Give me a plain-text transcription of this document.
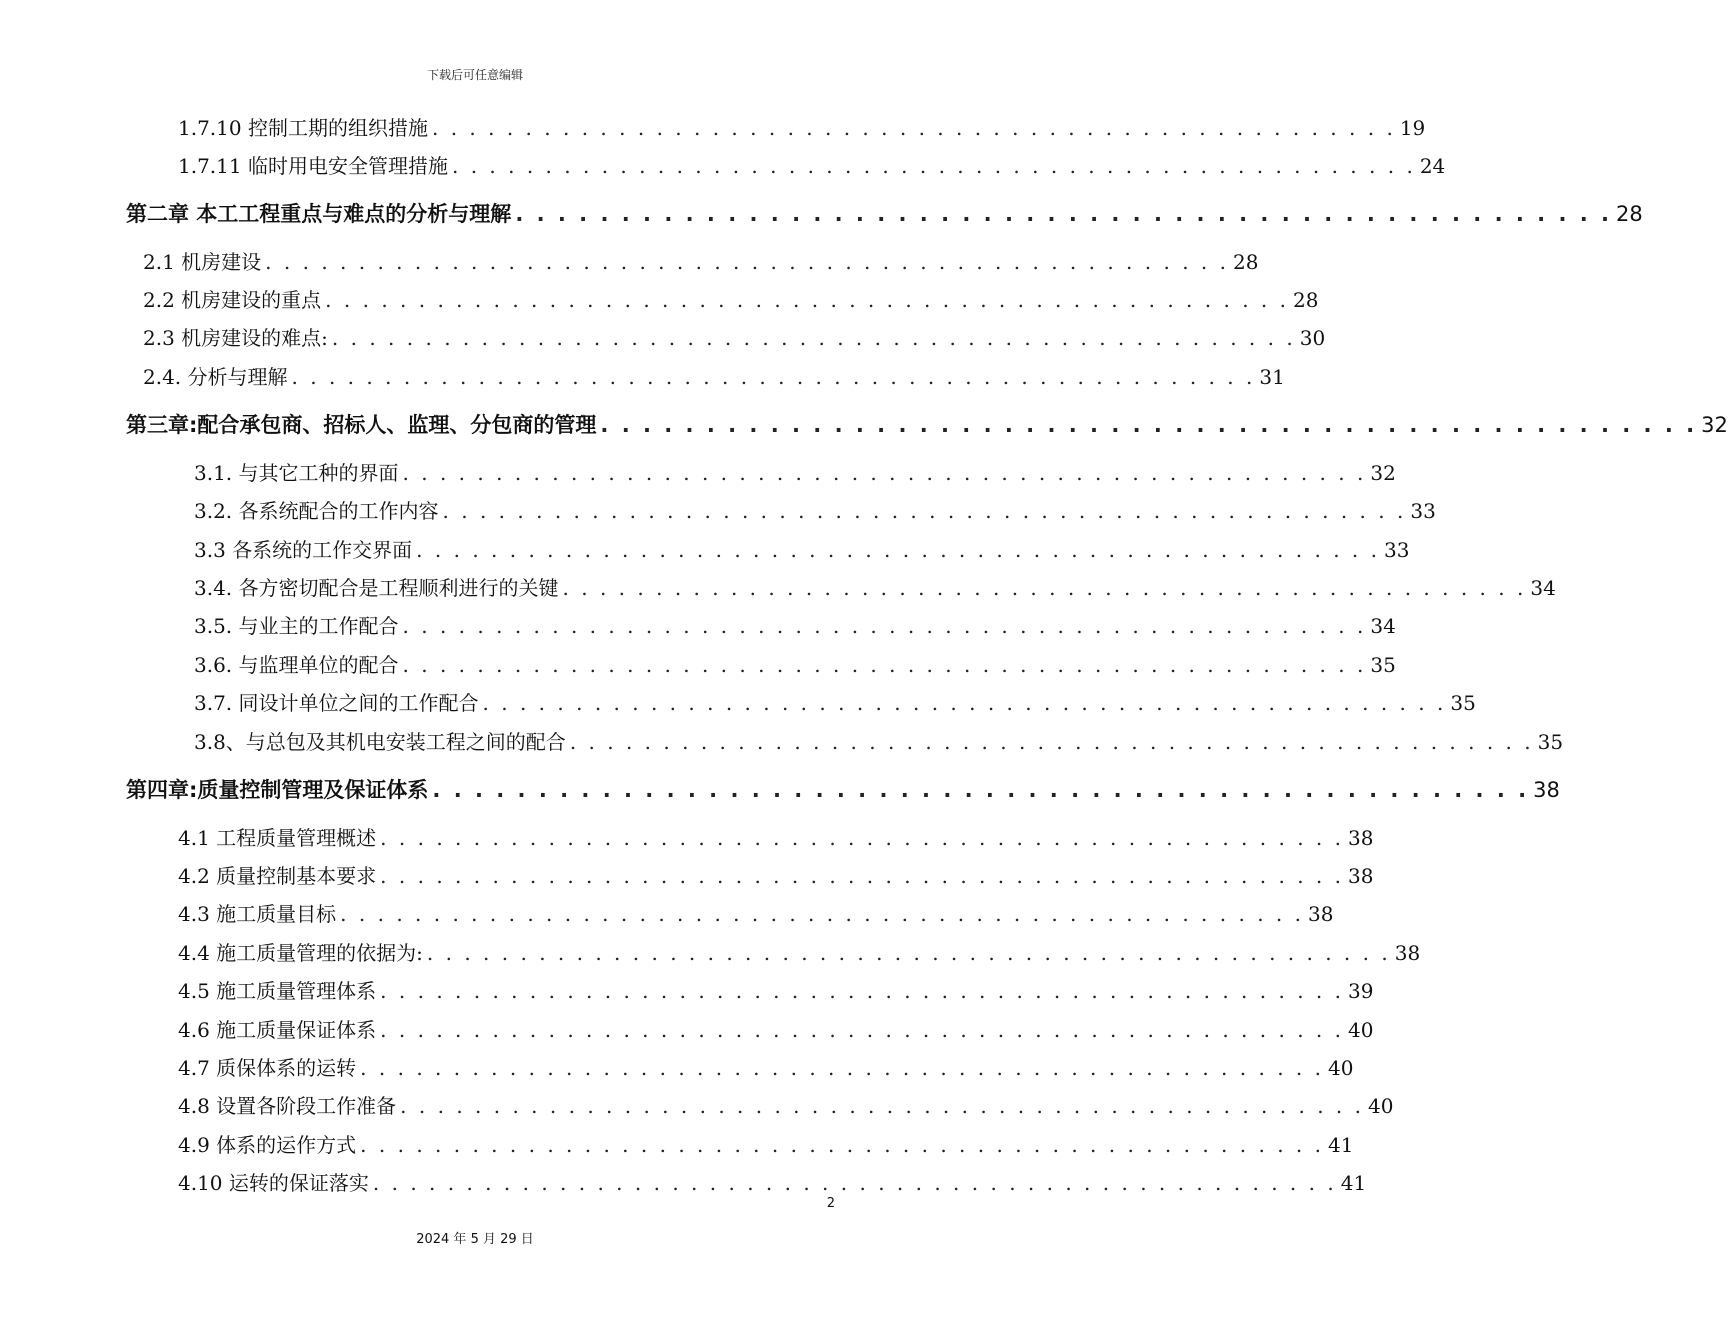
下载后可任意编辑
1.7.10 控制工期的组织措施 . . . . . . . . . . . . . . . . . . . . . . . . . . . . . . . . . . . . . . . . . . . . . . . . . . . . 19
1.7.11 临时用电安全管理措施 . . . . . . . . . . . . . . . . . . . . . . . . . . . . . . . . . . . . . . . . . . . . . . . . . . . . 24
第二章 本工工程重点与难点的分析与理解 . . . . . . . . . . . . . . . . . . . . . . . . . . . . . . . . . . . . . . . . . . . . . . . . . . . . 28
2.1 机房建设 . . . . . . . . . . . . . . . . . . . . . . . . . . . . . . . . . . . . . . . . . . . . . . . . . . . . 28
2.2 机房建设的重点 . . . . . . . . . . . . . . . . . . . . . . . . . . . . . . . . . . . . . . . . . . . . . . . . . . . . 28
2.3 机房建设的难点: . . . . . . . . . . . . . . . . . . . . . . . . . . . . . . . . . . . . . . . . . . . . . . . . . . . . 30
2.4. 分析与理解 . . . . . . . . . . . . . . . . . . . . . . . . . . . . . . . . . . . . . . . . . . . . . . . . . . . . 31
第三章:配合承包商、招标人、监理、分包商的管理 . . . . . . . . . . . . . . . . . . . . . . . . . . . . . . . . . . . . . . . . . . . . . . . . . . . . 32
3.1. 与其它工种的界面 . . . . . . . . . . . . . . . . . . . . . . . . . . . . . . . . . . . . . . . . . . . . . . . . . . . . 32
3.2. 各系统配合的工作内容 . . . . . . . . . . . . . . . . . . . . . . . . . . . . . . . . . . . . . . . . . . . . . . . . . . . . 33
3.3 各系统的工作交界面 . . . . . . . . . . . . . . . . . . . . . . . . . . . . . . . . . . . . . . . . . . . . . . . . . . . . 33
3.4. 各方密切配合是工程顺利进行的关键 . . . . . . . . . . . . . . . . . . . . . . . . . . . . . . . . . . . . . . . . . . . . . . . . . . . . 34
3.5. 与业主的工作配合 . . . . . . . . . . . . . . . . . . . . . . . . . . . . . . . . . . . . . . . . . . . . . . . . . . . . 34
3.6. 与监理单位的配合 . . . . . . . . . . . . . . . . . . . . . . . . . . . . . . . . . . . . . . . . . . . . . . . . . . . . 35
3.7. 同设计单位之间的工作配合 . . . . . . . . . . . . . . . . . . . . . . . . . . . . . . . . . . . . . . . . . . . . . . . . . . . . 35
3.8、与总包及其机电安装工程之间的配合 . . . . . . . . . . . . . . . . . . . . . . . . . . . . . . . . . . . . . . . . . . . . . . . . . . . . 35
第四章:质量控制管理及保证体系 . . . . . . . . . . . . . . . . . . . . . . . . . . . . . . . . . . . . . . . . . . . . . . . . . . . . 38
4.1 工程质量管理概述 . . . . . . . . . . . . . . . . . . . . . . . . . . . . . . . . . . . . . . . . . . . . . . . . . . . . 38
4.2 质量控制基本要求 . . . . . . . . . . . . . . . . . . . . . . . . . . . . . . . . . . . . . . . . . . . . . . . . . . . . 38
4.3 施工质量目标 . . . . . . . . . . . . . . . . . . . . . . . . . . . . . . . . . . . . . . . . . . . . . . . . . . . . 38
4.4 施工质量管理的依据为: . . . . . . . . . . . . . . . . . . . . . . . . . . . . . . . . . . . . . . . . . . . . . . . . . . . . 38
4.5 施工质量管理体系 . . . . . . . . . . . . . . . . . . . . . . . . . . . . . . . . . . . . . . . . . . . . . . . . . . . . 39
4.6 施工质量保证体系 . . . . . . . . . . . . . . . . . . . . . . . . . . . . . . . . . . . . . . . . . . . . . . . . . . . . 40
4.7 质保体系的运转 . . . . . . . . . . . . . . . . . . . . . . . . . . . . . . . . . . . . . . . . . . . . . . . . . . . . 40
4.8 设置各阶段工作准备 . . . . . . . . . . . . . . . . . . . . . . . . . . . . . . . . . . . . . . . . . . . . . . . . . . . . 40
4.9 体系的运作方式 . . . . . . . . . . . . . . . . . . . . . . . . . . . . . . . . . . . . . . . . . . . . . . . . . . . . 41
4.10 运转的保证落实 . . . . . . . . . . . . . . . . . . . . . . . . . . . . . . . . . . . . . . . . . . . . . . . . . . . . 41
2
2024 年 5 月 29 日
